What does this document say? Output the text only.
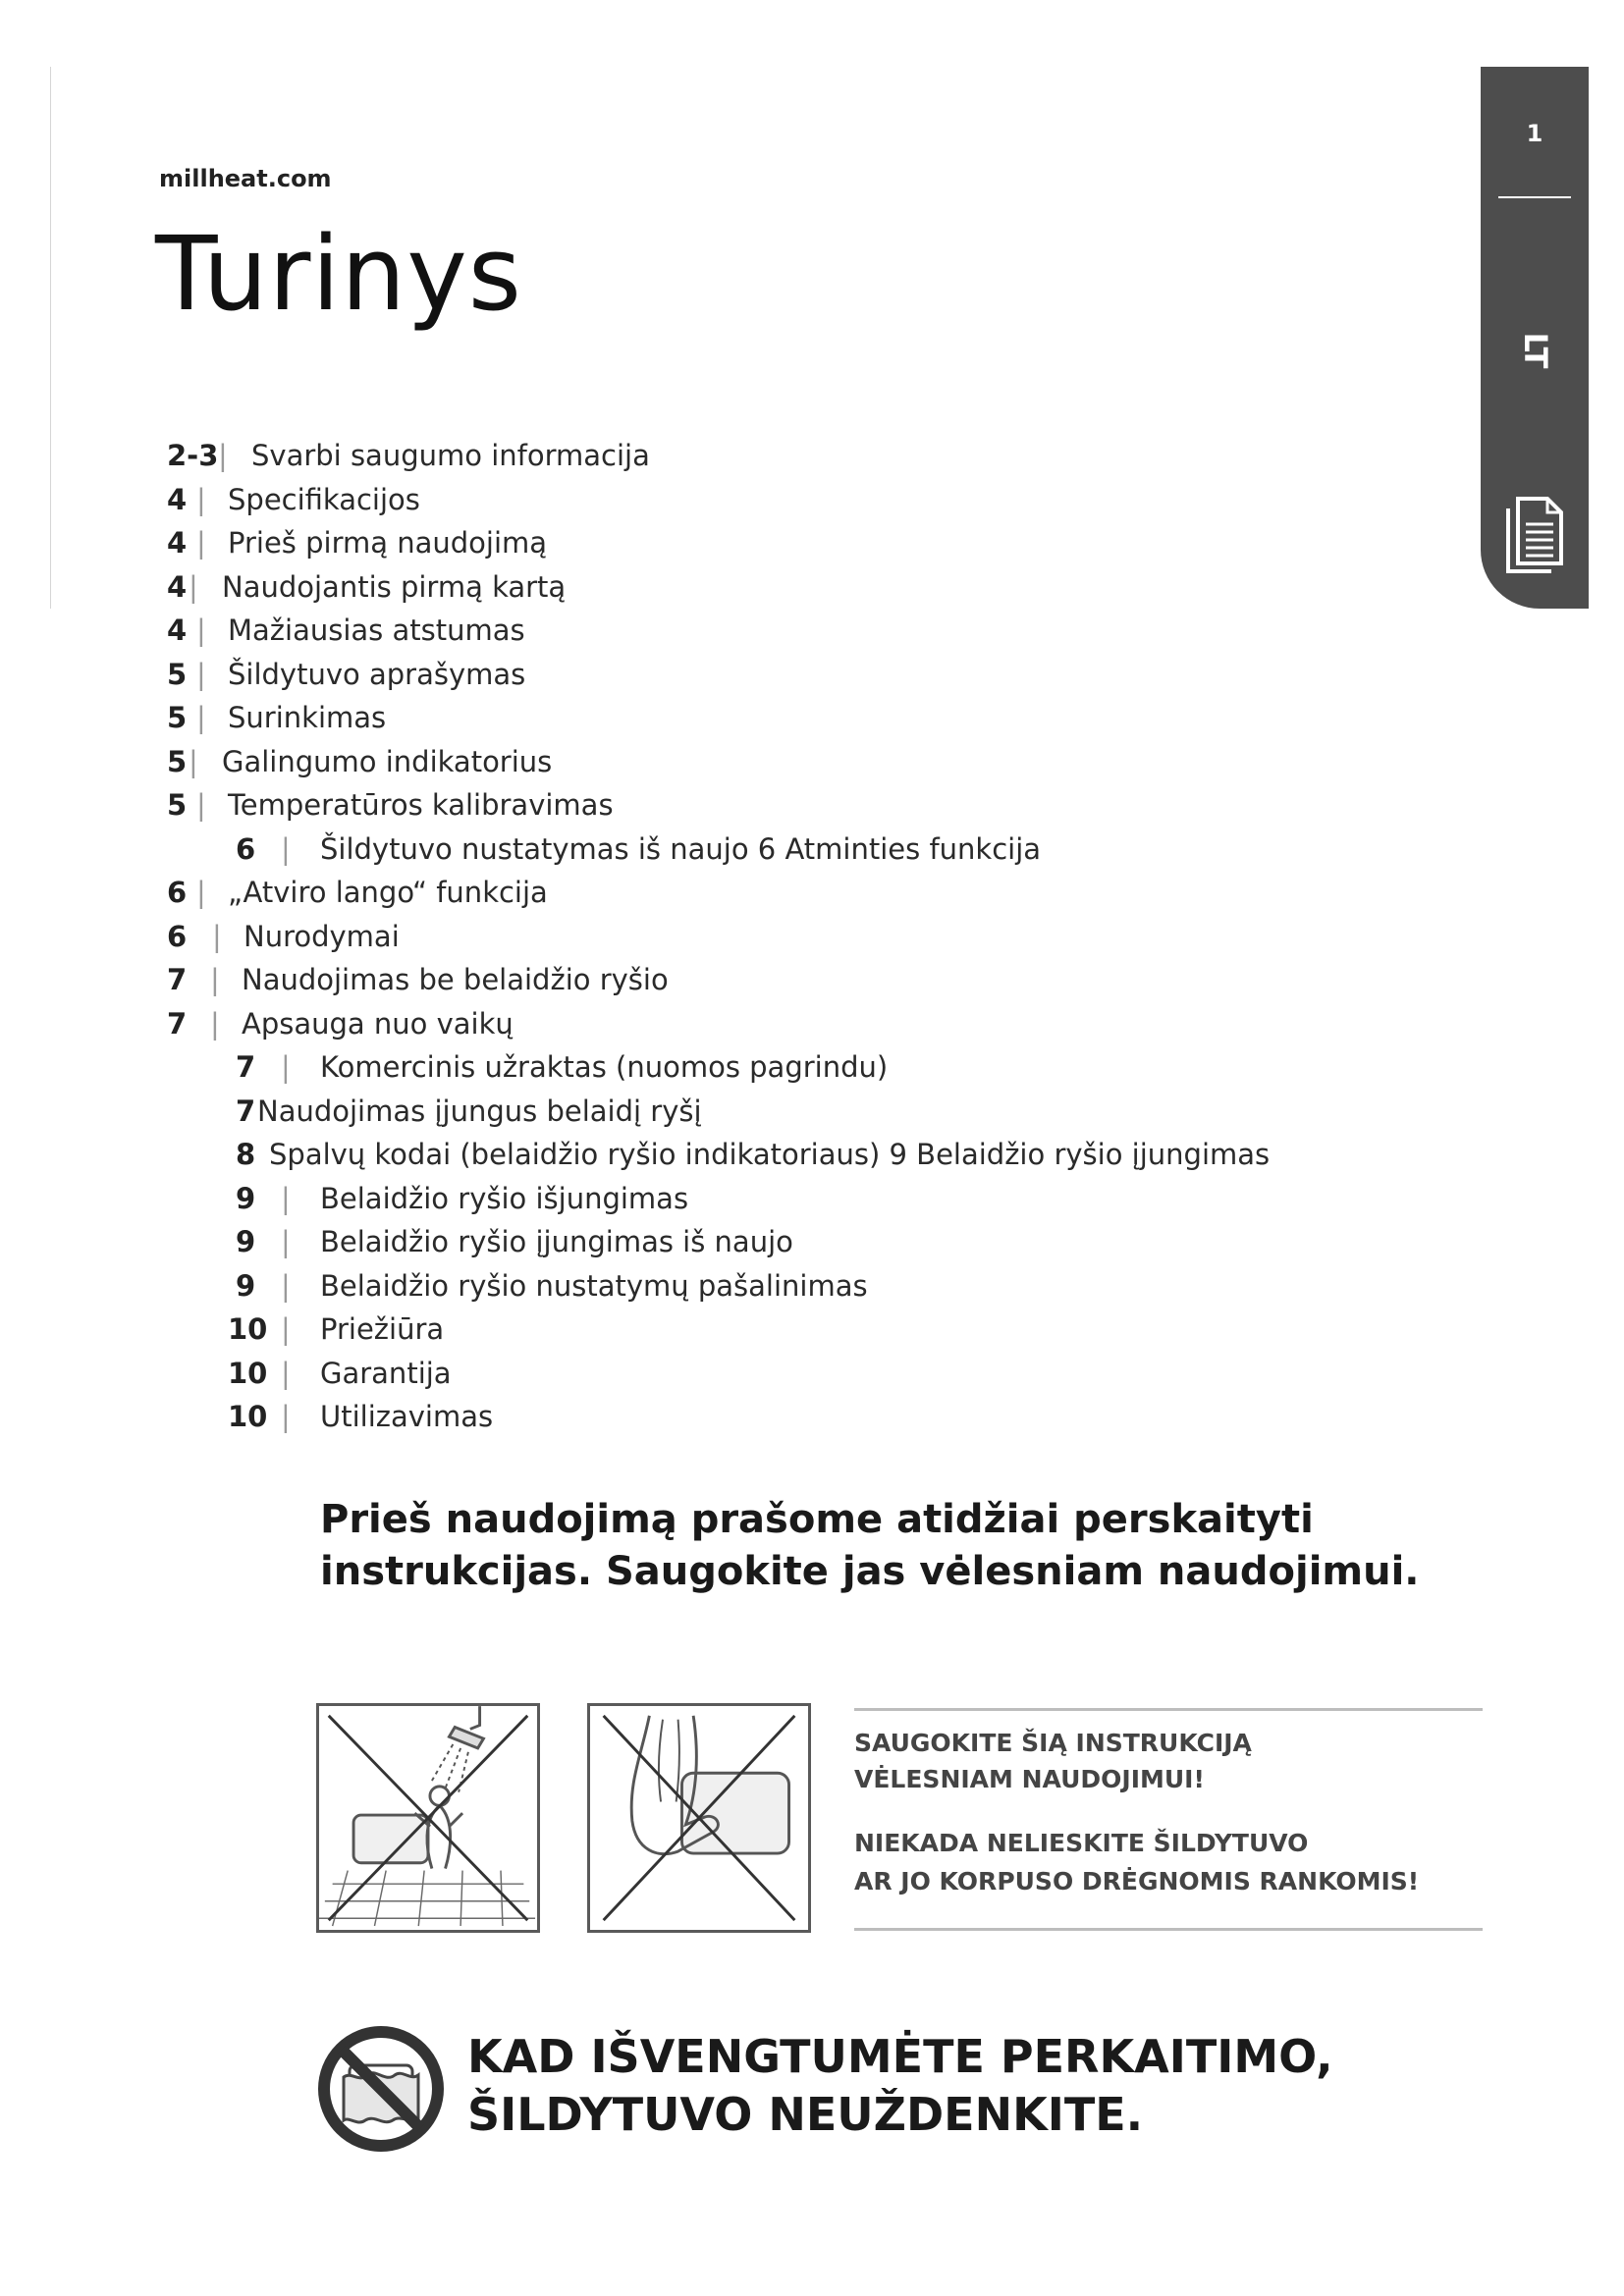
millheat.com
Turinys
1
LT
2-3 | Svarbi saugumo informacija
4 | Specifikacijos
4 | Prieš pirmą naudojimą
4 | Naudojantis pirmą kartą
4 | Mažiausias atstumas
5 | Šildytuvo aprašymas
5 | Surinkimas
5 | Galingumo indikatorius
5 | Temperatūros kalibravimas
6 | Šildytuvo nustatymas iš naujo 6 Atminties funkcija
6 | „Atviro lango“ funkcija
6 | Nurodymai
7 | Naudojimas be belaidžio ryšio
7 | Apsauga nuo vaikų
7 | Komercinis užraktas (nuomos pagrindu)
7 Naudojimas įjungus belaidį ryšį
8 Spalvų kodai (belaidžio ryšio indikatoriaus) 9 Belaidžio ryšio įjungimas
9 | Belaidžio ryšio išjungimas
9 | Belaidžio ryšio įjungimas iš naujo
9 | Belaidžio ryšio nustatymų pašalinimas
10 | Priežiūra
10 | Garantija
10 | Utilizavimas
Prieš naudojimą prašome atidžiai perskaityti
instrukcijas. Saugokite jas vėlesniam naudojimui.
SAUGOKITE ŠIĄ INSTRUKCIJĄ
VĖLESNIAM NAUDOJIMUI!
NIEKADA NELIESKITE ŠILDYTUVO
AR JO KORPUSO DRĖGNOMIS RANKOMIS!
KAD IŠVENGTUMĖTE PERKAITIMO,
ŠILDYTUVO NEUŽDENKITE.
